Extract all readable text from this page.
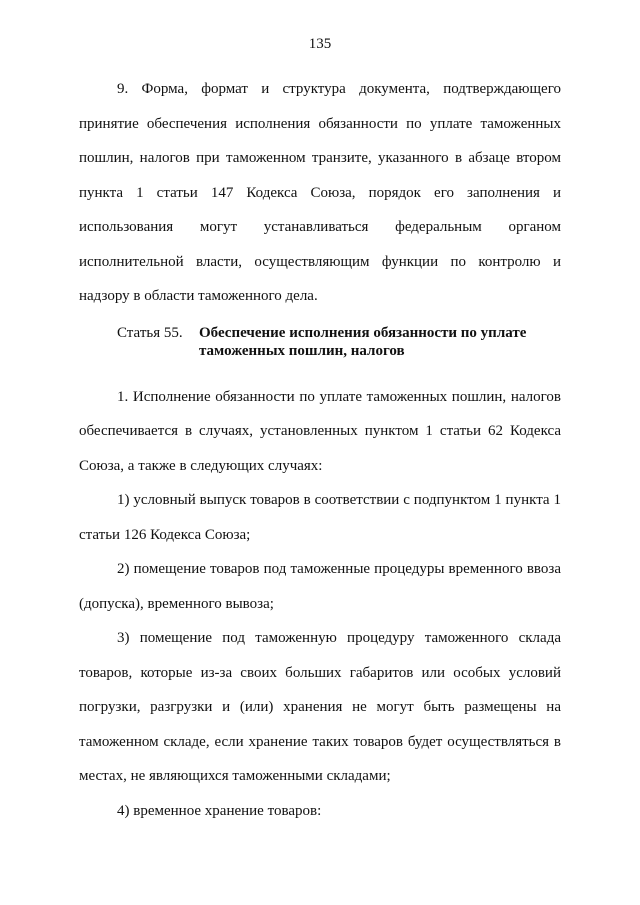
135

9. Форма, формат и структура документа, подтверждающего принятие обеспечения исполнения обязанности по уплате таможенных пошлин, налогов при таможенном транзите, указанного в абзаце втором пункта 1 статьи 147 Кодекса Союза, порядок его заполнения и использования могут устанавливаться федеральным органом исполнительной власти, осуществляющим функции по контролю и надзору в области таможенного дела.

Статья 55.	Обеспечение исполнения обязанности по уплате таможенных пошлин, налогов

1. Исполнение обязанности по уплате таможенных пошлин, налогов обеспечивается в случаях, установленных пунктом 1 статьи 62 Кодекса Союза, а также в следующих случаях:

1) условный выпуск товаров в соответствии с подпунктом 1 пункта 1 статьи 126 Кодекса Союза;

2) помещение товаров под таможенные процедуры временного ввоза (допуска), временного вывоза;

3) помещение под таможенную процедуру таможенного склада товаров, которые из-за своих больших габаритов или особых условий погрузки, разгрузки и (или) хранения не могут быть размещены на таможенном складе, если хранение таких товаров будет осуществляться в местах, не являющихся таможенными складами;

4) временное хранение товаров:
